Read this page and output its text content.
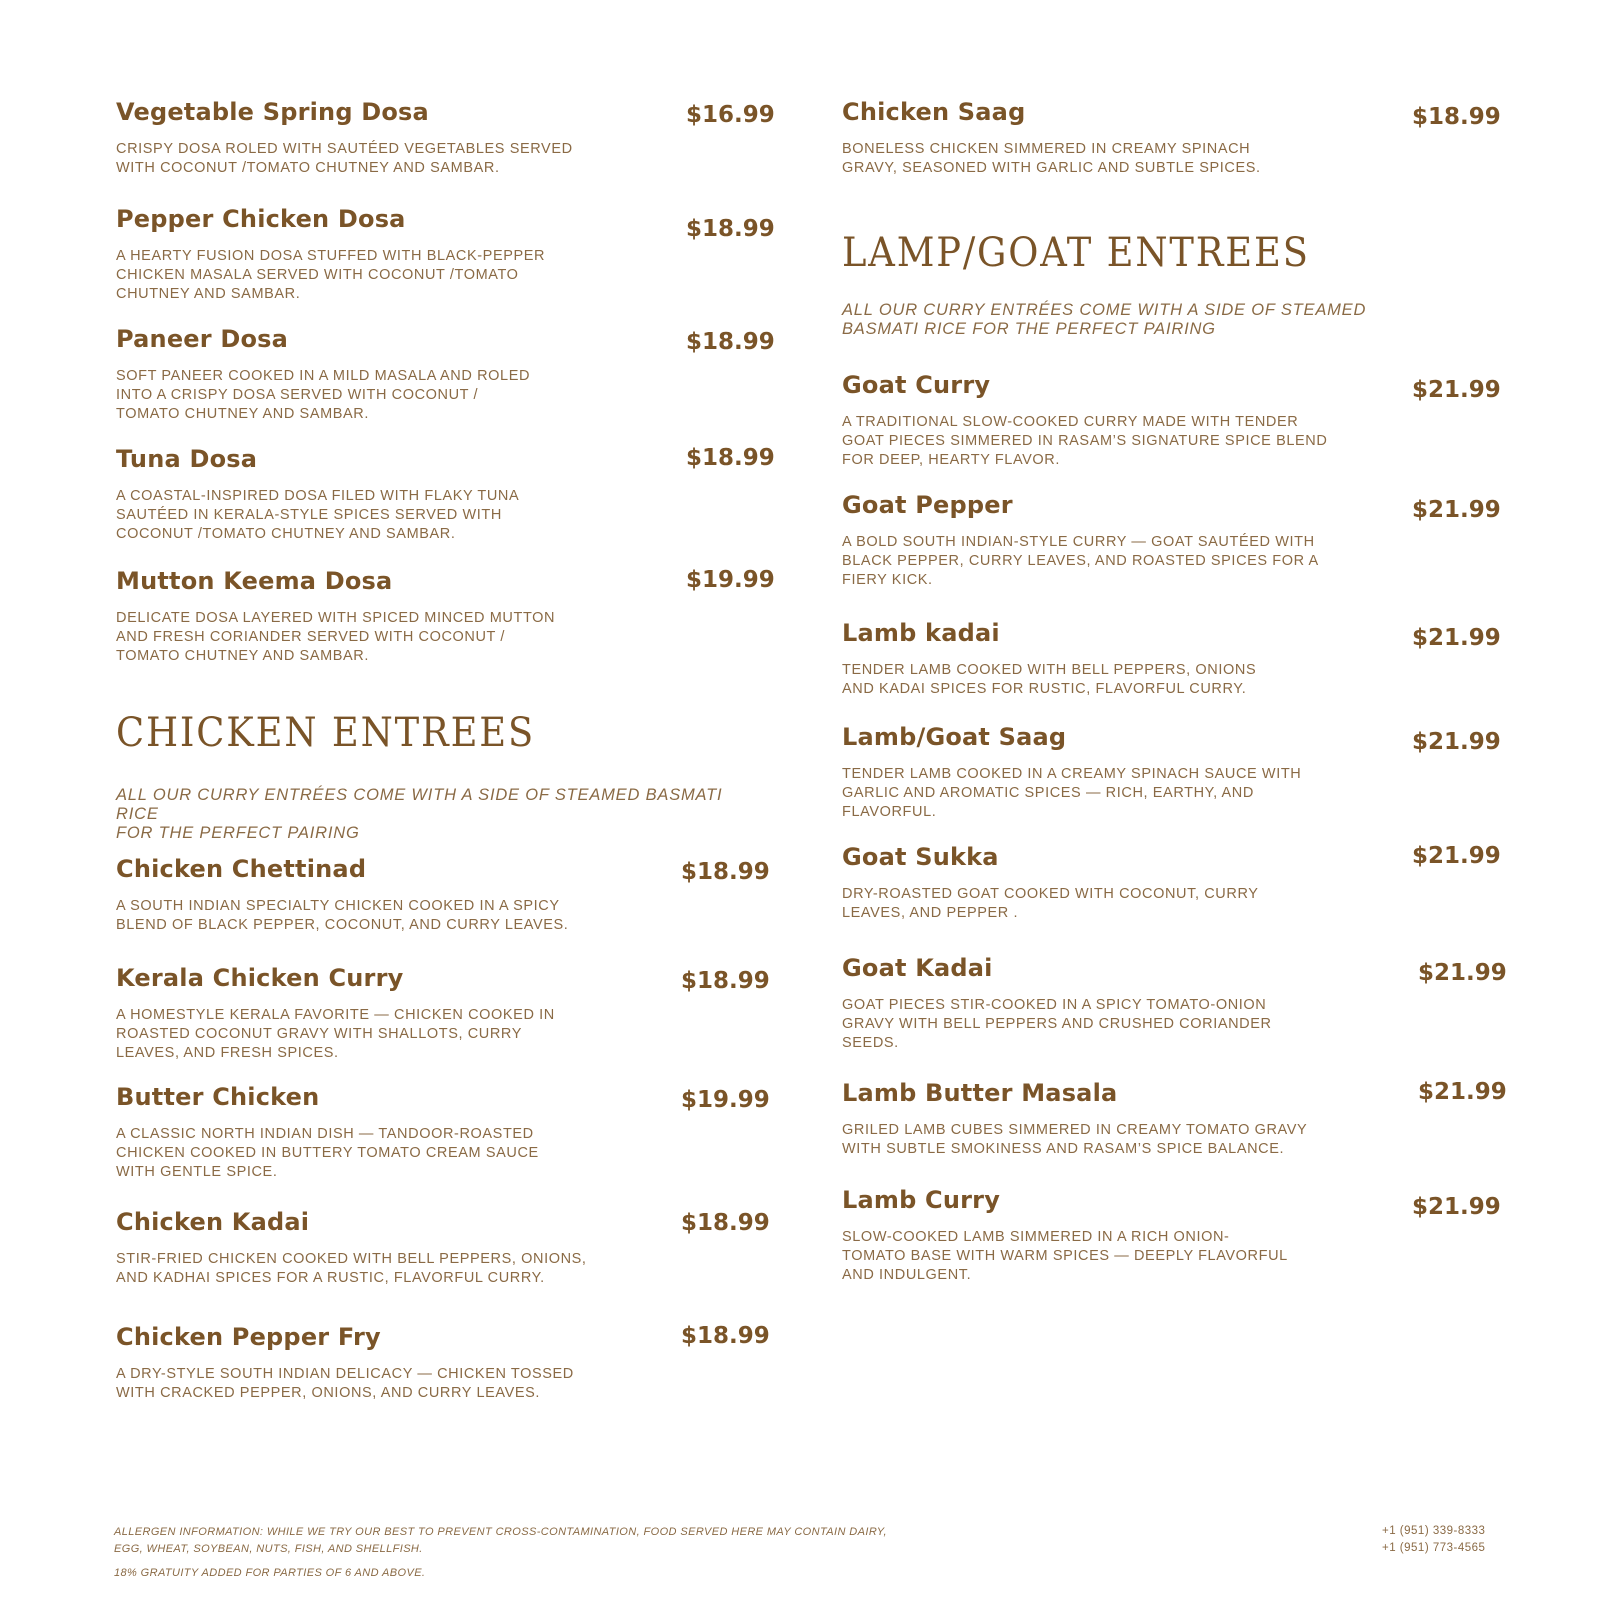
Vegetable Spring Dosa	$16.99
CRISPY DOSA ROLED WITH SAUTÉED VEGETABLES SERVED
WITH COCONUT /TOMATO CHUTNEY AND SAMBAR.
Pepper Chicken Dosa	$18.99
A HEARTY FUSION DOSA STUFFED WITH BLACK-PEPPER
CHICKEN MASALA SERVED WITH COCONUT /TOMATO
CHUTNEY AND SAMBAR.
Paneer Dosa	$18.99
SOFT PANEER COOKED IN A MILD MASALA AND ROLED
INTO A CRISPY DOSA SERVED WITH COCONUT /
TOMATO CHUTNEY AND SAMBAR.
Tuna Dosa	$18.99
A COASTAL-INSPIRED DOSA FILED WITH FLAKY TUNA
SAUTÉED IN KERALA-STYLE SPICES SERVED WITH
COCONUT /TOMATO CHUTNEY AND SAMBAR.
Mutton Keema Dosa	$19.99
DELICATE DOSA LAYERED WITH SPICED MINCED MUTTON
AND FRESH CORIANDER SERVED WITH COCONUT /
TOMATO CHUTNEY AND SAMBAR.
CHICKEN ENTREES
ALL OUR CURRY ENTRÉES COME WITH A SIDE OF STEAMED BASMATI RICE
FOR THE PERFECT PAIRING
Chicken Chettinad	$18.99
A SOUTH INDIAN SPECIALTY CHICKEN COOKED IN A SPICY
BLEND OF BLACK PEPPER, COCONUT, AND CURRY LEAVES.
Kerala Chicken Curry	$18.99
A HOMESTYLE KERALA FAVORITE — CHICKEN COOKED IN
ROASTED COCONUT GRAVY WITH SHALLOTS, CURRY
LEAVES, AND FRESH SPICES.
Butter Chicken	$19.99
A CLASSIC NORTH INDIAN DISH — TANDOOR-ROASTED
CHICKEN COOKED IN BUTTERY TOMATO CREAM SAUCE
WITH GENTLE SPICE.
Chicken Kadai	$18.99
STIR-FRIED CHICKEN COOKED WITH BELL PEPPERS, ONIONS,
AND KADHAI SPICES FOR A RUSTIC, FLAVORFUL CURRY.
Chicken Pepper Fry	$18.99
A DRY-STYLE SOUTH INDIAN DELICACY — CHICKEN TOSSED
WITH CRACKED PEPPER, ONIONS, AND CURRY LEAVES.
Chicken Saag	$18.99
BONELESS CHICKEN SIMMERED IN CREAMY SPINACH
GRAVY, SEASONED WITH GARLIC AND SUBTLE SPICES.
LAMP/GOAT ENTREES
ALL OUR CURRY ENTRÉES COME WITH A SIDE OF STEAMED
BASMATI RICE FOR THE PERFECT PAIRING
Goat Curry	$21.99
A TRADITIONAL SLOW-COOKED CURRY MADE WITH TENDER
GOAT PIECES SIMMERED IN RASAM’S SIGNATURE SPICE BLEND
FOR DEEP, HEARTY FLAVOR.
Goat Pepper	$21.99
A BOLD SOUTH INDIAN-STYLE CURRY — GOAT SAUTÉED WITH
BLACK PEPPER, CURRY LEAVES, AND ROASTED SPICES FOR A
FIERY KICK.
Lamb kadai	$21.99
TENDER LAMB COOKED WITH BELL PEPPERS, ONIONS
AND KADAI SPICES FOR RUSTIC, FLAVORFUL CURRY.
Lamb/Goat Saag	$21.99
TENDER LAMB COOKED IN A CREAMY SPINACH SAUCE WITH
GARLIC AND AROMATIC SPICES — RICH, EARTHY, AND
FLAVORFUL.
Goat Sukka	$21.99
DRY-ROASTED GOAT COOKED WITH COCONUT, CURRY
LEAVES, AND PEPPER .
Goat Kadai	$21.99
GOAT PIECES STIR-COOKED IN A SPICY TOMATO-ONION
GRAVY WITH BELL PEPPERS AND CRUSHED CORIANDER
SEEDS.
Lamb Butter Masala	$21.99
GRILED LAMB CUBES SIMMERED IN CREAMY TOMATO GRAVY
WITH SUBTLE SMOKINESS AND RASAM’S SPICE BALANCE.
Lamb Curry	$21.99
SLOW-COOKED LAMB SIMMERED IN A RICH ONION-
TOMATO BASE WITH WARM SPICES — DEEPLY FLAVORFUL
AND INDULGENT.
ALLERGEN INFORMATION: WHILE WE TRY OUR BEST TO PREVENT CROSS-CONTAMINATION, FOOD SERVED HERE MAY CONTAIN DAIRY,
EGG, WHEAT, SOYBEAN, NUTS, FISH, AND SHELLFISH.
18% GRATUITY ADDED FOR PARTIES OF 6 AND ABOVE.
+1 (951) 339-8333
+1 (951) 773-4565
